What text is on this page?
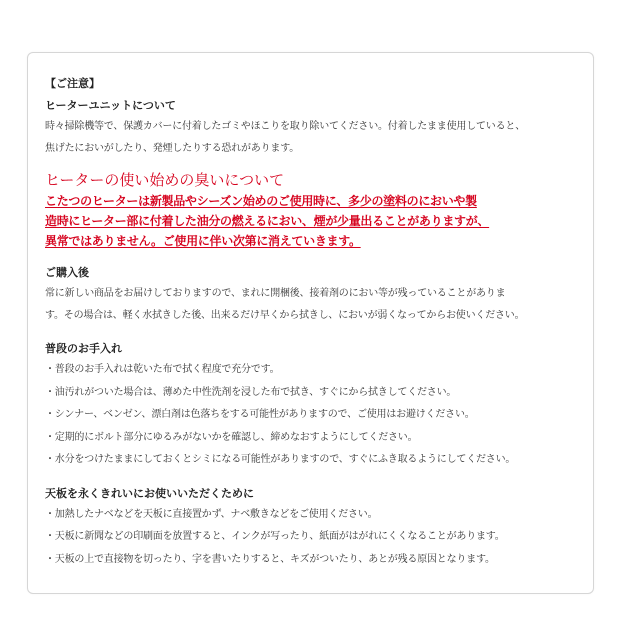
【ご注意】
ヒーターユニットについて
時々掃除機等で、保護カバーに付着したゴミやほこりを取り除いてください。付着したまま使用していると、
焦げたにおいがしたり、発煙したりする恐れがあります。
ヒーターの使い始めの臭いについて
こたつのヒーターは新製品やシーズン始めのご使用時に、多少の塗料のにおいや製
造時にヒーター部に付着した油分の燃えるにおい、煙が少量出ることがありますが、
異常ではありません。ご使用に伴い次第に消えていきます。
ご購入後
常に新しい商品をお届けしておりますので、まれに開梱後、接着剤のにおい等が残っていることがありま
す。その場合は、軽く水拭きした後、出来るだけ早くから拭きし、においが弱くなってからお使いください。
普段のお手入れ
・普段のお手入れは乾いた布で拭く程度で充分です。
・油汚れがついた場合は、薄めた中性洗剤を浸した布で拭き、すぐにから拭きしてください。
・シンナー、ベンゼン、漂白剤は色落ちをする可能性がありますので、ご使用はお避けください。
・定期的にボルト部分にゆるみがないかを確認し、締めなおすようにしてください。
・水分をつけたままにしておくとシミになる可能性がありますので、すぐにふき取るようにしてください。
天板を永くきれいにお使いいただくために
・加熱したナベなどを天板に直接置かず、ナベ敷きなどをご使用ください。
・天板に新聞などの印刷面を放置すると、インクが写ったり、紙面がはがれにくくなることがあります。
・天板の上で直接物を切ったり、字を書いたりすると、キズがついたり、あとが残る原因となります。
